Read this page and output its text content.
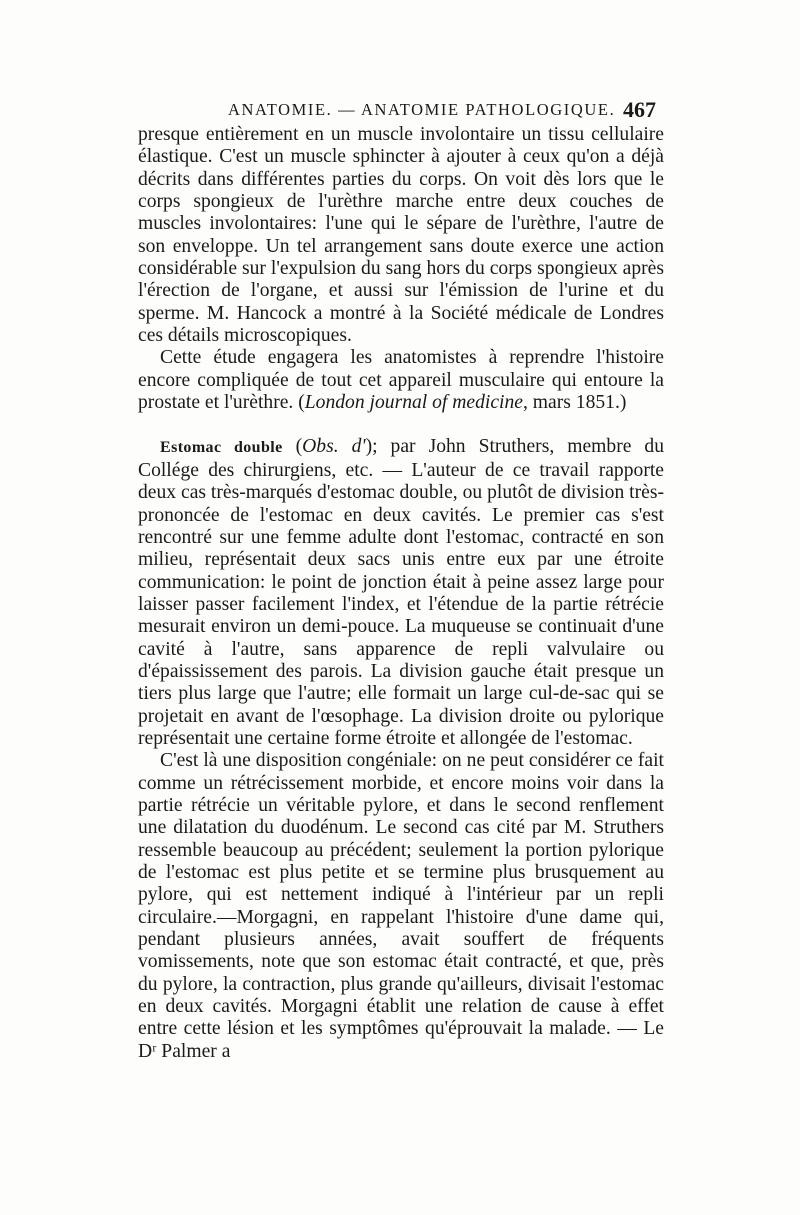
ANATOMIE. — ANATOMIE PATHOLOGIQUE. 467

presque entièrement en un muscle involontaire un tissu cellulaire élastique. C'est un muscle sphincter à ajouter à ceux qu'on a déjà décrits dans différentes parties du corps. On voit dès lors que le corps spongieux de l'urèthre marche entre deux couches de muscles involontaires: l'une qui le sépare de l'urèthre, l'autre de son enveloppe. Un tel arrangement sans doute exerce une action considérable sur l'expulsion du sang hors du corps spongieux après l'érection de l'organe, et aussi sur l'émission de l'urine et du sperme. M. Hancock a montré à la Société médicale de Londres ces détails microscopiques.

Cette étude engagera les anatomistes à reprendre l'histoire encore compliquée de tout cet appareil musculaire qui entoure la prostate et l'urèthre. (London journal of medicine, mars 1851.)

Estomac double (Obs. d'); par John Struthers, membre du Collége des chirurgiens, etc. — L'auteur de ce travail rapporte deux cas très-marqués d'estomac double, ou plutôt de division très-prononcée de l'estomac en deux cavités. Le premier cas s'est rencontré sur une femme adulte dont l'estomac, contracté en son milieu, représentait deux sacs unis entre eux par une étroite communication: le point de jonction était à peine assez large pour laisser passer facilement l'index, et l'étendue de la partie rétrécie mesurait environ un demi-pouce. La muqueuse se continuait d'une cavité à l'autre, sans apparence de repli valvulaire ou d'épaississement des parois. La division gauche était presque un tiers plus large que l'autre; elle formait un large cul-de-sac qui se projetait en avant de l'œsophage. La division droite ou pylorique représentait une certaine forme étroite et allongée de l'estomac.

C'est là une disposition congéniale: on ne peut considérer ce fait comme un rétrécissement morbide, et encore moins voir dans la partie rétrécie un véritable pylore, et dans le second renflement une dilatation du duodénum. Le second cas cité par M. Struthers ressemble beaucoup au précédent; seulement la portion pylorique de l'estomac est plus petite et se termine plus brusquement au pylore, qui est nettement indiqué à l'intérieur par un repli circulaire.—Morgagni, en rappelant l'histoire d'une dame qui, pendant plusieurs années, avait souffert de fréquents vomissements, note que son estomac était contracté, et que, près du pylore, la contraction, plus grande qu'ailleurs, divisait l'estomac en deux cavités. Morgagni établit une relation de cause à effet entre cette lésion et les symptômes qu'éprouvait la malade. — Le Dʳ Palmer a
